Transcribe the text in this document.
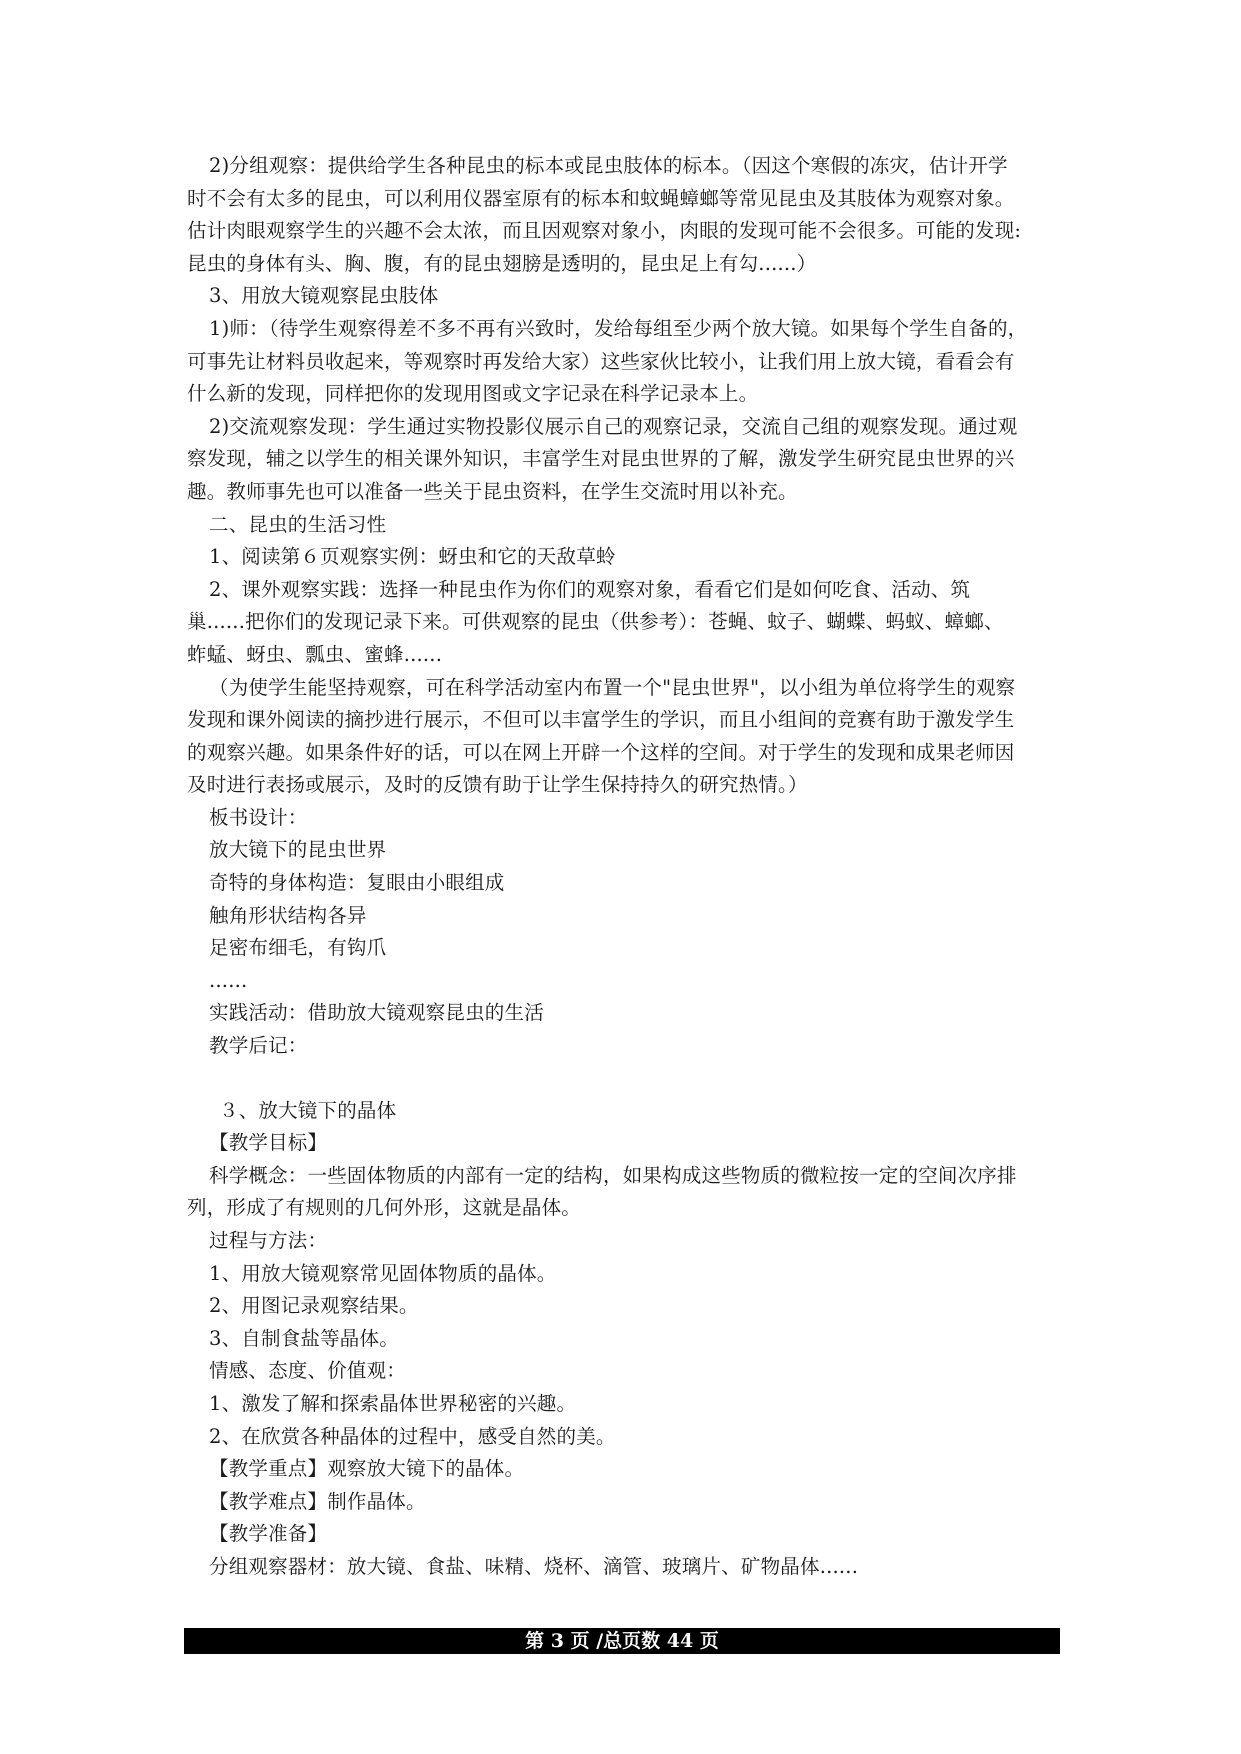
2)分组观察：提供给学生各种昆虫的标本或昆虫肢体的标本。（因这个寒假的冻灾，估计开学
时不会有太多的昆虫，可以利用仪器室原有的标本和蚊蝇蟑螂等常见昆虫及其肢体为观察对象。
估计肉眼观察学生的兴趣不会太浓，而且因观察对象小，肉眼的发现可能不会很多。可能的发现:
昆虫的身体有头、胸、腹，有的昆虫翅膀是透明的，昆虫足上有勾......）
3、用放大镜观察昆虫肢体
1)师：（待学生观察得差不多不再有兴致时，发给每组至少两个放大镜。如果每个学生自备的，
可事先让材料员收起来，等观察时再发给大家）这些家伙比较小，让我们用上放大镜，看看会有
什么新的发现，同样把你的发现用图或文字记录在科学记录本上。
2)交流观察发现：学生通过实物投影仪展示自己的观察记录，交流自己组的观察发现。通过观
察发现，辅之以学生的相关课外知识，丰富学生对昆虫世界的了解，激发学生研究昆虫世界的兴
趣。教师事先也可以准备一些关于昆虫资料，在学生交流时用以补充。
二、昆虫的生活习性
1、阅读第６页观察实例：蚜虫和它的天敌草蛉
2、课外观察实践：选择一种昆虫作为你们的观察对象，看看它们是如何吃食、活动、筑
巢......把你们的发现记录下来。可供观察的昆虫（供参考）：苍蝇、蚊子、蝴蝶、蚂蚁、蟑螂、
蚱蜢、蚜虫、瓢虫、蜜蜂......
（为使学生能坚持观察，可在科学活动室内布置一个"昆虫世界"，以小组为单位将学生的观察
发现和课外阅读的摘抄进行展示，不但可以丰富学生的学识，而且小组间的竞赛有助于激发学生
的观察兴趣。如果条件好的话，可以在网上开辟一个这样的空间。对于学生的发现和成果老师因
及时进行表扬或展示，及时的反馈有助于让学生保持持久的研究热情。）
板书设计：
放大镜下的昆虫世界
奇特的身体构造：复眼由小眼组成
触角形状结构各异
足密布细毛，有钩爪
......
实践活动：借助放大镜观察昆虫的生活
教学后记：
３、放大镜下的晶体
【教学目标】
科学概念：一些固体物质的内部有一定的结构，如果构成这些物质的微粒按一定的空间次序排
列，形成了有规则的几何外形，这就是晶体。
过程与方法：
1、用放大镜观察常见固体物质的晶体。
2、用图记录观察结果。
3、自制食盐等晶体。
情感、态度、价值观：
1、激发了解和探索晶体世界秘密的兴趣。
2、在欣赏各种晶体的过程中，感受自然的美。
【教学重点】观察放大镜下的晶体。
【教学难点】制作晶体。
【教学准备】
分组观察器材：放大镜、食盐、味精、烧杯、滴管、玻璃片、矿物晶体......
第 3 页 /总页数 44 页
